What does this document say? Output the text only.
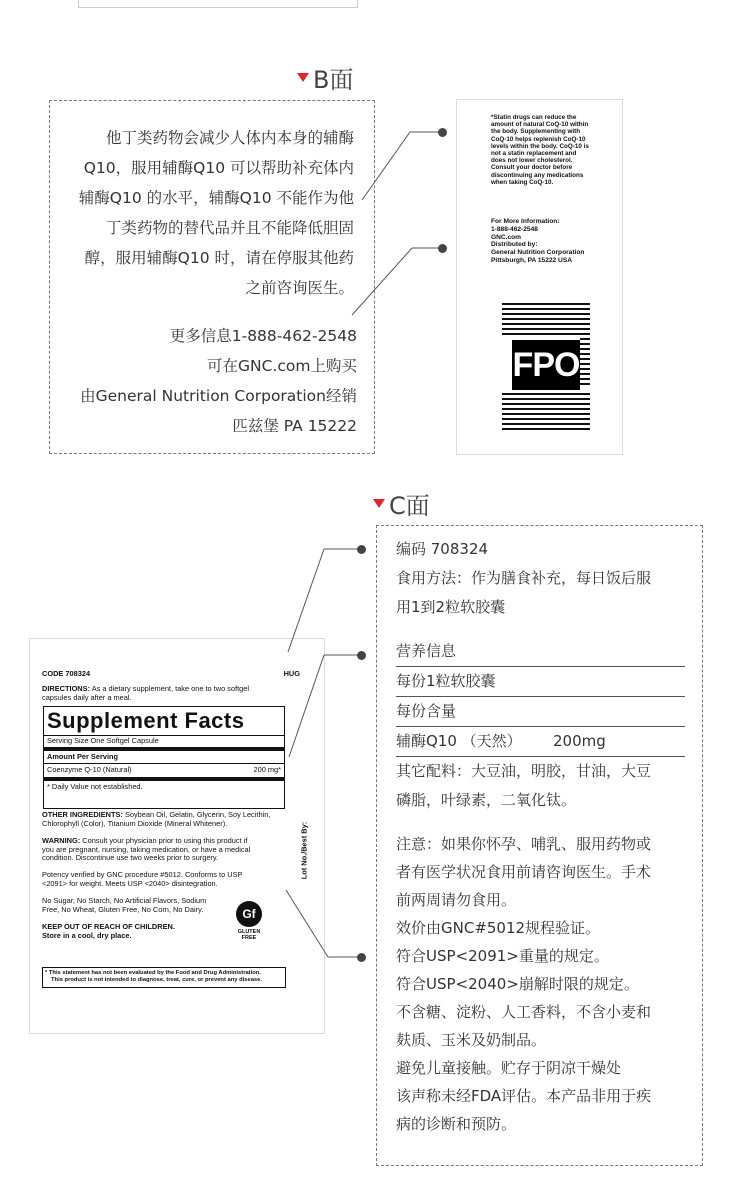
B面
他丁类药物会减少人体内本身的辅酶
Q10，服用辅酶Q10 可以帮助补充体内
辅酶Q10 的水平，辅酶Q10 不能作为他
丁类药物的替代品并且不能降低胆固
醇，服用辅酶Q10 时，请在停服其他药
之前咨询医生。
更多信息1-888-462-2548
可在GNC.com上购买
由General Nutrition Corporation经销
匹兹堡 PA 15222
*Statin drugs can reduce the
amount of natural CoQ-10 within
the body. Supplementing with
CoQ-10 helps replenish CoQ-10
levels within the body. CoQ-10 is
not a statin replacement and
does not lower cholesterol.
Consult your doctor before
discontinuing any medications
when taking CoQ-10.
For More Information:
1-888-462-2548
GNC.com
Distributed by:
General Nutrition Corporation
Pittsburgh, PA 15222 USA
FPO
C面
CODE 708324	HUG
DIRECTIONS: As a dietary supplement, take one to two softgel
capsules daily after a meal.
Supplement Facts
Serving Size One Softgel Capsule
Amount Per Serving
Coenzyme Q-10 (Natural)	200 mg*
* Daily Value not established.
OTHER INGREDIENTS: Soybean Oil, Gelatin, Glycerin, Soy Lecithin,
Chlorophyll (Color), Titanium Dioxide (Mineral Whitener).
WARNING: Consult your physician prior to using this product if
you are pregnant, nursing, taking medication, or have a medical
condition. Discontinue use two weeks prior to surgery.
Potency verified by GNC procedure #5012. Conforms to USP
<2091> for weight. Meets USP <2040> disintegration.
No Sugar, No Starch, No Artificial Flavors, Sodium
Free, No Wheat, Gluten Free, No Corn, No Dairy.
KEEP OUT OF REACH OF CHILDREN.
Store in a cool, dry place.
Gf
GLUTEN
FREE
Lot No./Best By:
* This statement has not been evaluated by the Food and Drug Administration.
This product is not intended to diagnose, treat, cure, or prevent any disease.
编码 708324
食用方法：作为膳食补充，每日饭后服
用1到2粒软胶囊
营养信息
每份1粒软胶囊
每份含量
辅酶Q10 （天然）	200mg
其它配料：大豆油，明胶，甘油，大豆
磷脂，叶绿素，二氧化钛。
注意：如果你怀孕、哺乳、服用药物或
者有医学状况食用前请咨询医生。手术
前两周请勿食用。
效价由GNC#5012规程验证。
符合USP<2091>重量的规定。
符合USP<2040>崩解时限的规定。
不含糖、淀粉、人工香料，不含小麦和
麸质、玉米及奶制品。
避免儿童接触。贮存于阴凉干燥处
该声称未经FDA评估。本产品非用于疾
病的诊断和预防。
